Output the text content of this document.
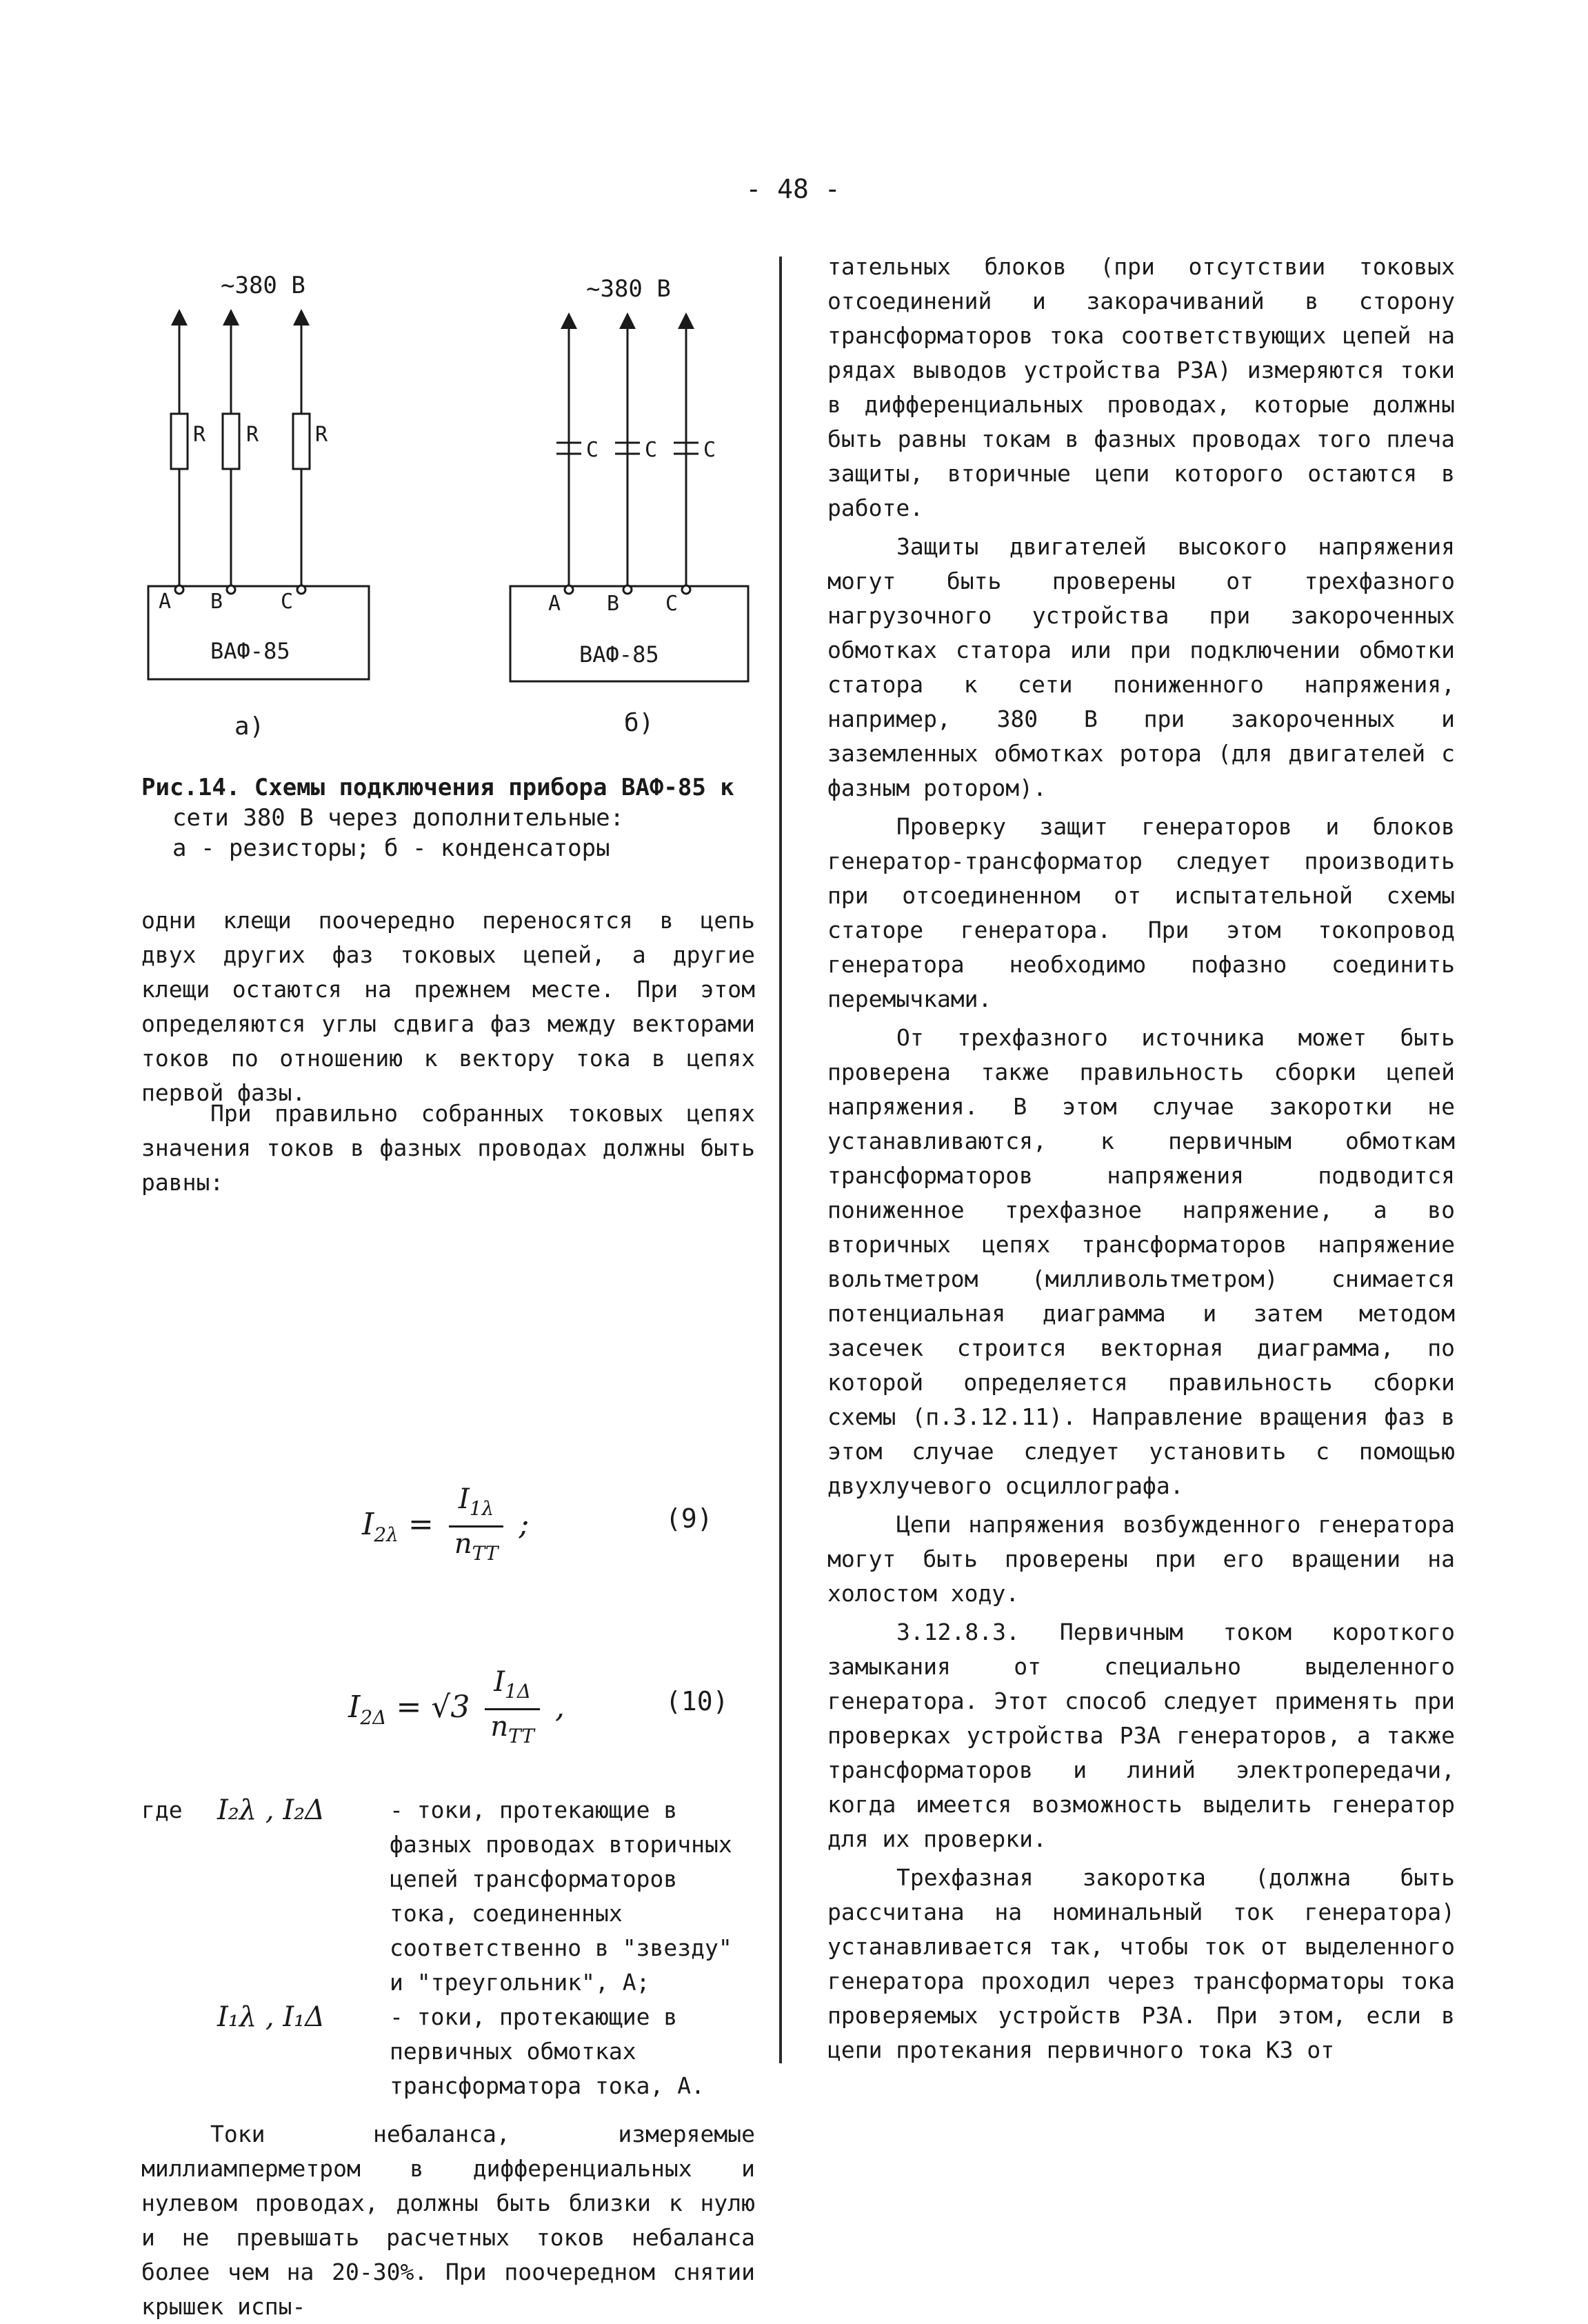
- 48 -
~380 В
R R	R
А В	С
ВАФ-85
а)
~380 В
С С С
А В С
ВАФ-85
б)
Рис.14. Схемы подключения прибора ВАФ-85 к
сети 380 В через дополнительные:
а - резисторы; б - конденсаторы

одни клещи поочередно переносятся в цепь двух других фаз токовых цепей, а другие клещи остаются на прежнем месте. При этом определяются углы сдвига фаз между векторами токов по отношению к вектору тока в цепях первой фазы.

При правильно собранных токовых цепях значения токов в фазных проводах должны быть равны:

$I_{2\lambda} = \frac{I_{1\lambda}}{n_{TT}}$ ;	(9)
$I_{2\Delta} = √3 \frac{I_{1\Delta}}{n_{TT}}$ ,	(10)
где I₂λ , I₂Δ	- токи, протекающие в фазных проводах вторичных цепей трансформаторов тока, соединенных соответственно в "звезду" и "треугольник", А;
I₁λ , I₁Δ	- токи, протекающие в первичных обмотках трансформатора тока, А.

Токи небаланса, измеряемые миллиамперметром в дифференциальных и нулевом проводах, должны быть близки к нулю и не превышать расчетных токов небаланса более чем на 20-30%. При поочередном снятии крышек испы-

тательных блоков (при отсутствии токовых отсоединений и закорачиваний в сторону трансформаторов тока соответствующих цепей на рядах выводов устройства РЗА) измеряются токи в дифференциальных проводах, которые должны быть равны токам в фазных проводах того плеча защиты, вторичные цепи которого остаются в работе.

Защиты двигателей высокого напряжения могут быть проверены от трехфазного нагрузочного устройства при закороченных обмотках статора или при подключении обмотки статора к сети пониженного напряжения, например, 380 В при закороченных и заземленных обмотках ротора (для двигателей с фазным ротором).

Проверку защит генераторов и блоков генератор-трансформатор следует производить при отсоединенном от испытательной схемы статоре генератора. При этом токопровод генератора необходимо пофазно соединить перемычками.

От трехфазного источника может быть проверена также правильность сборки цепей напряжения. В этом случае закоротки не устанавливаются, к первичным обмоткам трансформаторов напряжения подводится пониженное трехфазное напряжение, а во вторичных цепях трансформаторов напряжение вольтметром (милливольтметром) снимается потенциальная диаграмма и затем методом засечек строится векторная диаграмма, по которой определяется правильность сборки схемы (п.3.12.11). Направление вращения фаз в этом случае следует установить с помощью двухлучевого осциллографа.

Цепи напряжения возбужденного генератора могут быть проверены при его вращении на холостом ходу.

3.12.8.3. Первичным током короткого замыкания от специально выделенного генератора. Этот способ следует применять при проверках устройства РЗА генераторов, а также трансформаторов и линий электропередачи, когда имеется возможность выделить генератор для их проверки.

Трехфазная закоротка (должна быть рассчитана на номинальный ток генератора) устанавливается так, чтобы ток от выделенного генератора проходил через трансформаторы тока проверяемых устройств РЗА. При этом, если в цепи протекания первичного тока КЗ от
